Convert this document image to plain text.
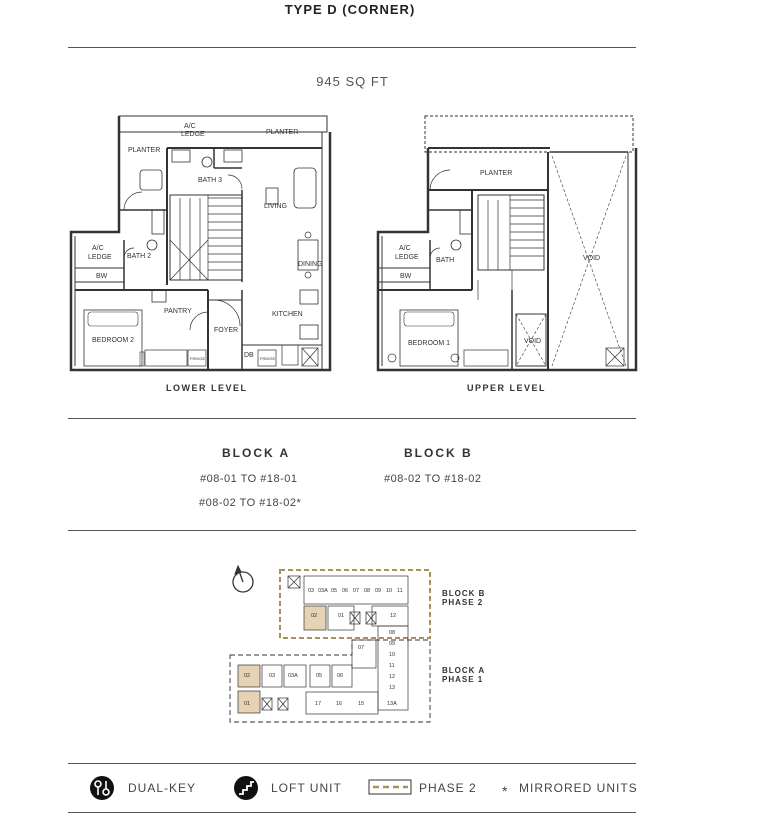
TYPE D (CORNER)
945 SQ FT
PLANTER
A/C
LEDGE	PLANTER
BATH 3
LIVING
DINING
A/C
LEDGE BATH 2
BW
PANTRY	KITCHEN
FOYER
BEDROOM 2
DB
FRIDGE	FRIDGE
PLANTER
VOID
A/C
LEDGE BATH
BW
BEDROOM 1	VOID
LOWER LEVEL	UPPER LEVEL
BLOCK A
#08-01 TO #18-01
#08-02 TO #18-02*
BLOCK B
#08-02 TO #18-02
03 03A 05 06 07 08 09 10 11
02	01	12
08
09
10
11
12
13
07
02
01
03 03A	05	06
17	16	15	13A
BLOCK B
PHASE 2
BLOCK A
PHASE 1
DUAL-KEY	LOFT UNIT	PHASE 2 * MIRRORED UNITS
